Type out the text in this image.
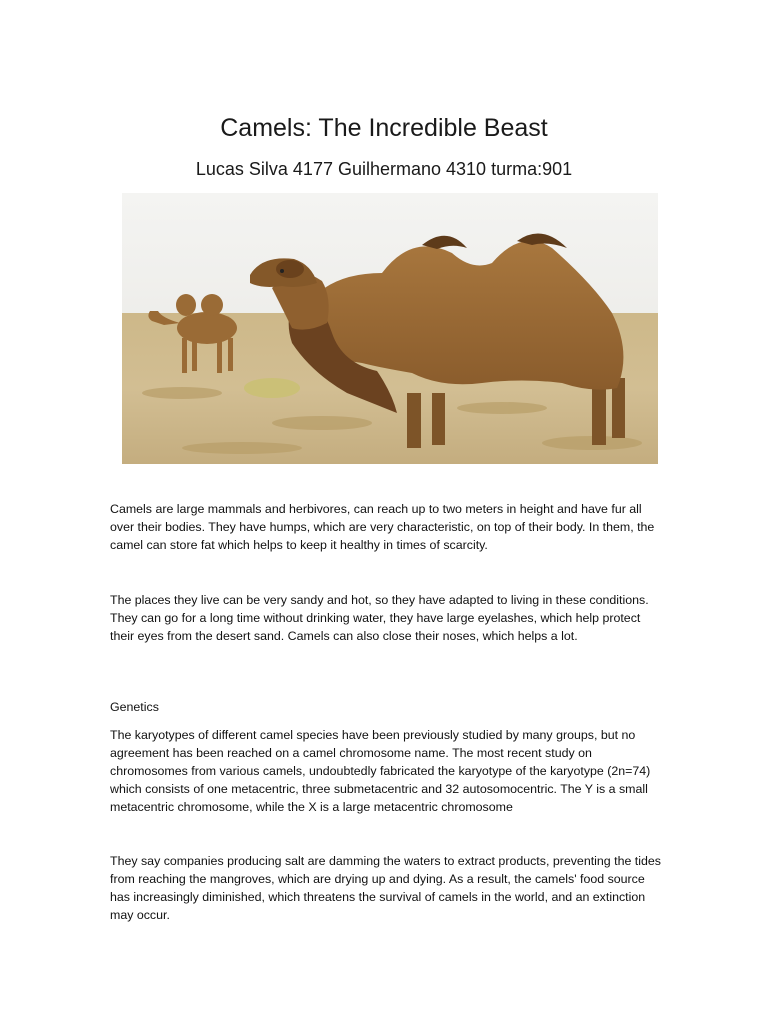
Camels: The Incredible Beast
Lucas Silva 4177 Guilhermano 4310 turma:901
Camels are large mammals and herbivores, can reach up to two meters in height and have fur all over their bodies. They have humps, which are very characteristic, on top of their body. In them, the camel can store fat which helps to keep it healthy in times of scarcity.
The places they live can be very sandy and hot, so they have adapted to living in these conditions. They can go for a long time without drinking water, they have large eyelashes, which help protect their eyes from the desert sand. Camels can also close their noses, which helps a lot.
Genetics
The karyotypes of different camel species have been previously studied by many groups, but no agreement has been reached on a camel chromosome name. The most recent study on chromosomes from various camels, undoubtedly fabricated the karyotype of the karyotype (2n=74) which consists of one metacentric, three submetacentric and 32 autosomocentric. The Y is a small metacentric chromosome, while the X is a large metacentric chromosome
They say companies producing salt are damming the waters to extract products, preventing the tides from reaching the mangroves, which are drying up and dying. As a result, the camels' food source has increasingly diminished, which threatens the survival of camels in the world, and an extinction may occur.
